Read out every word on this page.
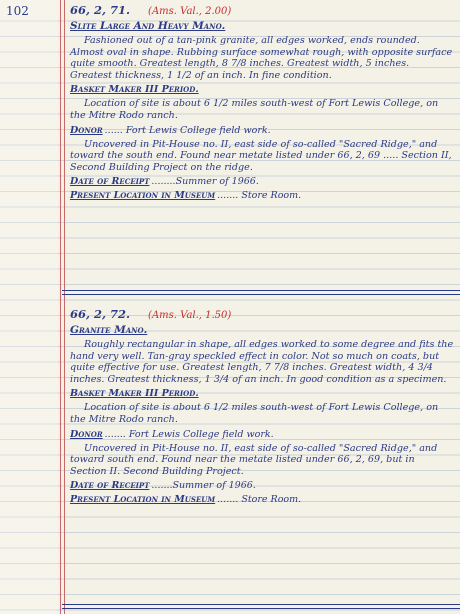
102	66, 2, 71. (Ams. Val., 2.00)
Slite Large And Heavy Mano.

Fashioned out of a tan-pink granite, all edges worked, ends rounded. Almost oval in shape. Rubbing surface somewhat rough, with opposite surface quite smooth. Greatest length, 8 7/8 inches. Greatest width, 5 inches. Greatest thickness, 1 1/2 of an inch. In fine condition.

Basket Maker III Period.

Location of site is about 6 1/2 miles south-west of Fort Lewis College, on the Mitre Rodo ranch.

Donor ...... Fort Lewis College field work.

Uncovered in Pit-House no. II, east side of so-called "Sacred Ridge," and toward the south end. Found near metate listed under 66, 2, 69 ..... Section II, Second Building Project on the ridge.

Date of Receipt ........Summer of 1966.
Present Location in Museum ....... Store Room.
66, 2, 72. (Ams. Val., 1.50)
Granite Mano.

Roughly rectangular in shape, all edges worked to some degree and fits the hand very well. Tan-gray speckled effect in color. Not so much on coats, but quite effective for use. Greatest length, 7 7/8 inches. Greatest width, 4 3/4 inches. Greatest thickness, 1 3/4 of an inch. In good condition as a specimen.

Basket Maker III Period.

Location of site is about 6 1/2 miles south-west of Fort Lewis College, on the Mitre Rodo ranch.

Donor ....... Fort Lewis College field work.

Uncovered in Pit-House no. II, east side of so-called "Sacred Ridge," and toward south end. Found near the metate listed under 66, 2, 69, but in Section II. Second Building Project.

Date of Receipt .......Summer of 1966.
Present Location in Museum ....... Store Room.
